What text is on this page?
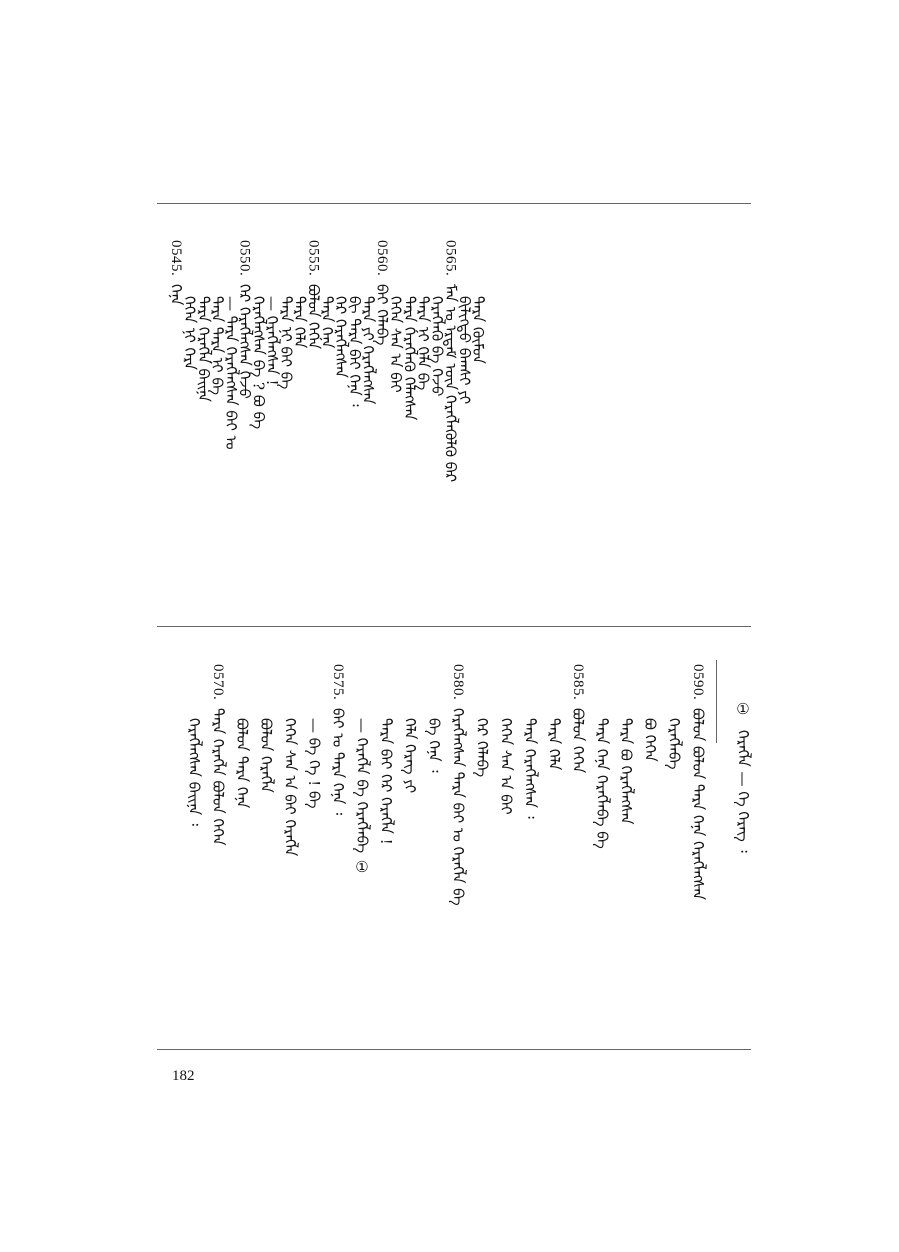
ᠲᠡᠷᠡ ᠬᠦᠮᠦᠨ
ᠪᠢᠯᠢᠭᠲᠦ ᠪᠠᠭᠰᠢ ᠶᠢ
0565.ᠮᠠᠨ ᠤ ᠡᠷᠳᠡᠮ ᠦᠨ ᠬᠡᠷᠡᠭᠯᠡᠭᠦᠯᠬᠦ ᠪᠡᠷ
ᠬᠡᠷᠡᠭᠯᠡᠬᠦ ᠪᠡ ᠭᠡᠵᠦ
ᠲᠡᠷᠡ ᠨᠢ ᠬᠡᠯᠡ ᠪᠡ
ᠲᠡᠷᠡ ᠬᠡᠷᠡᠭᠯᠡᠬᠦ ᠬᠡᠯᠡᠭᠰᠡᠨ
ᠭᠡᠭᠡᠨ ᠰᠠᠨ ᠠ ᠪᠠᠢ
0560.ᠪᠠᠢ ᠬᠡᠯᠡᠪᠡ
ᠲᠡᠷᠡ ᠶᠢ ᠬᠡᠷᠡᠭᠯᠡᠭᠰᠡᠨ
ᠪᠢ ᠲᠡᠷᠡ ᠪᠠᠢ ᠭᠡᠨᠡ ᠄
ᠬᠡᠷ ᠬᠡᠷᠡᠭᠯᠡᠭᠰᠡᠨ
ᠲᠡᠷᠡ ᠭᠡᠨᠡ
0555.ᠪᠣᠯᠤᠨ ᠭᠡᠭᠡᠨ
ᠲᠡᠷᠡ ᠬᠡᠯᠡ
ᠲᠡᠷᠡ ᠨᠢ ᠪᠠᠢ ᠪᠡ
— ᠬᠡᠷᠡᠭᠯᠡᠭᠰᠡᠨ !
ᠬᠡᠷᠡᠭᠯᠡᠭᠰᠡᠨ ᠪᠡ ? ᠪᠣ ᠪᠡ
0550.ᠬᠡᠷ ᠬᠡᠷᠡᠭᠯᠡᠭᠰᠡᠨ ᠭᠡᠵᠦ
— ᠲᠡᠷᠡ ᠬᠡᠷᠡᠭᠯᠡᠭᠰᠡᠨ ᠪᠠᠢ ᠤ
ᠲᠡᠷᠡ ᠲᠡᠷᠡ ᠨᠢ ᠪᠡ
ᠲᠡᠷᠡ ᠬᠡᠷᠡᠭᠯᠡ ᠪᠠᠢᠨᠠ
ᠭᠡᠭᠡᠨ ᠨᠢ ᠬᠡᠷᠡ
0545.ᠭᠡᠨᠡ
①ᠬᠡᠷᠡᠭᠯᠡ — ᠬᠡ ᠬᠡᠷᠡᠭ ᠄
0590.ᠪᠣᠯᠤᠨ ᠪᠣᠯᠤᠨ ᠲᠡᠷᠡ ᠭᠡᠨᠡ ᠬᠡᠷᠡᠭᠯᠡᠭᠰᠡᠨ
ᠬᠡᠷᠡᠭᠯᠡᠪᠡ
ᠪᠣ ᠭᠡᠭᠡᠨ
ᠲᠡᠷᠡ ᠪᠣ ᠬᠡᠷᠡᠭᠯᠡᠭᠰᠡᠨ
ᠲᠡᠷᠡ ᠭᠡᠨᠡ ᠬᠡᠷᠡᠭᠯᠡᠪᠡ ᠪᠡ
0585.ᠪᠣᠯᠤᠨ ᠭᠡᠭᠡᠨ
ᠲᠡᠷᠡ ᠬᠡᠯᠡ
ᠲᠡᠷᠡ ᠬᠡᠷᠡᠭᠯᠡᠭᠰᠡᠨ ᠄
ᠭᠡᠭᠡᠨ ᠰᠠᠨ ᠠ ᠪᠠᠢ
ᠬᠡᠷ ᠬᠡᠯᠡᠪᠡ
0580.ᠬᠡᠷᠡᠭᠯᠡᠭᠰᠡᠨ ᠲᠡᠷᠡ ᠪᠠᠢ ᠤ ᠬᠡᠷᠡᠭᠯᠡ ᠪᠡ
ᠪᠠ ᠭᠡᠨᠡ ᠄
ᠬᠡᠯᠡ ᠬᠡᠷᠡᠭ ᠶᠢ
ᠲᠡᠷᠡ ᠪᠠᠢ ᠬᠡᠷ ᠬᠡᠷᠡᠭᠯᠡ !
— ᠬᠡᠷᠡᠭᠯᠡ ᠪᠡ ᠬᠡᠷᠡᠭᠯᠡᠪᠡ ①
0575.ᠪᠠᠢ ᠤ ᠲᠡᠷᠡ ᠭᠡᠨᠡ ᠄
— ᠪᠡ ᠬᠡ ! ᠪᠡ
ᠭᠡᠭᠡᠨ ᠰᠠᠨ ᠠ ᠪᠠᠢ ᠬᠡᠷᠡᠭᠯᠡ
ᠪᠣᠯᠤᠨ ᠬᠡᠷᠡᠭᠯᠡ
ᠪᠣᠯᠤᠨ ᠲᠡᠷᠡ ᠭᠡᠨᠡ
0570.ᠲᠡᠷᠡ ᠬᠡᠷᠡᠭᠯᠡ ᠪᠣᠯᠤᠨ ᠭᠡᠭᠡᠨ
ᠬᠡᠷᠡᠭᠯᠡᠭᠰᠡᠨ ᠪᠠᠢᠨᠠ ᠄
182
